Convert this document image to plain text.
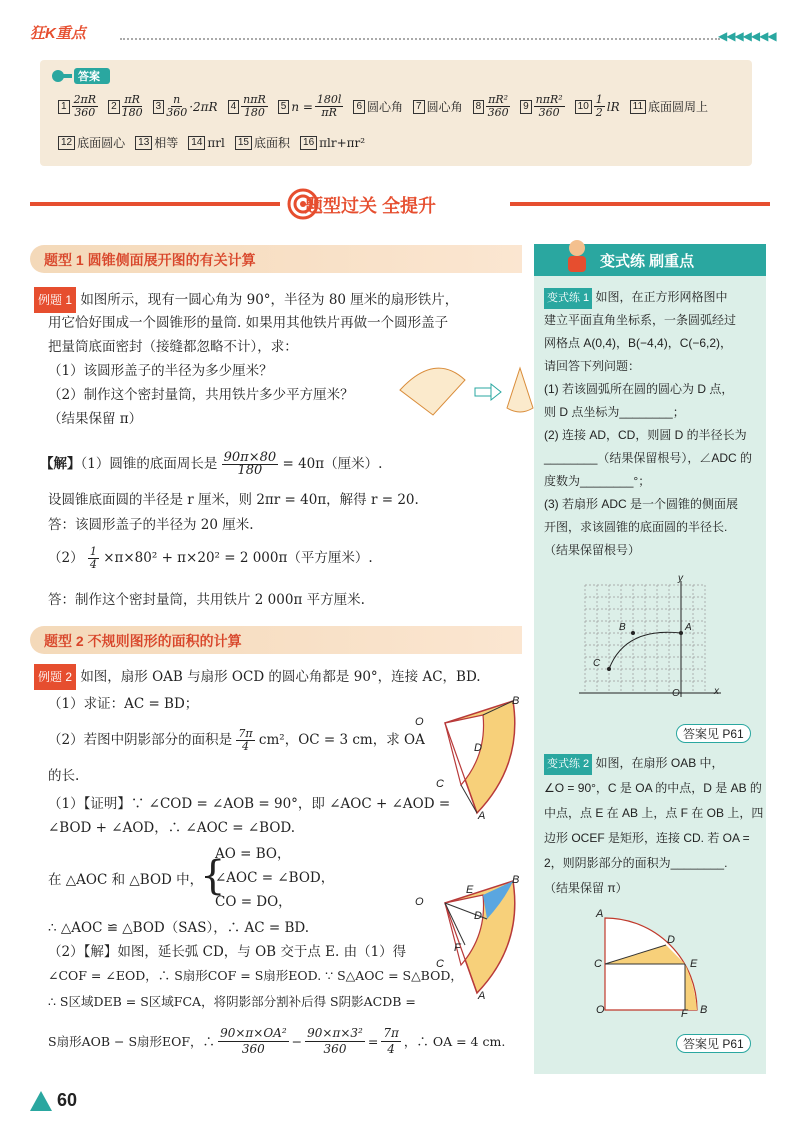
狂K重点	◀◀◀◀◀◀◀
答案
$1 \frac{2\pi R}{360}$	$2 \frac{\pi R}{180}$	$3 \frac{n}{360} \cdot 2\pi R$	$4 \frac{\text{nπR}}{180}$	5 $n = \frac{180l}{\pi R}$	6 圆心角	7 圆心角	$8 \frac{\text{πR²}}{360}$	$9 \frac{\text{nπR²}}{360}$	$10 \frac{1}{2}$ lR	11 底面圆周上
12 底面圆心	13 相等	14 πrl	15 底面积	16 πlr+πr²
题型过关 全提升
题型 1 圆锥侧面展开图的有关计算
例题 1 如图所示，现有一圆心角为 90°，半径为 80 厘米的扇形铁片，
用它恰好围成一个圆锥形的量筒. 如果用其他铁片再做一个圆形盖子
把量筒底面密封（接缝都忽略不计），求：
（1）该圆形盖子的半径为多少厘米？
（2）制作这个密封量筒，共用铁片多少平方厘米？
（结果保留 π）
【解】（1）圆锥的底面周长是 $\frac{90\pi\times 80}{180} = 40\pi$（厘米）.
设圆锥底面圆的半径是 r 厘米，则 2πr = 40π，解得 r = 20.
答：该圆形盖子的半径为 20 厘米.
$(2) \frac{1}{4} \times\pi\times 80^2 + \pi\times 20^2 = 2$ 000π（平方厘米）.
答：制作这个密封量筒，共用铁片 2 000π 平方厘米.
题型 2 不规则图形的面积的计算
例题 2 如图，扇形 OAB 与扇形 OCD 的圆心角都是 90°，连接 AC，BD.
（1）求证：AC = BD；
（2）若图中阴影部分的面积是 $\frac{7\pi}{4} cm^2$，OC = 3 cm，求 OA
的长.
O
B
D
C
A
（1）【证明】∵ ∠COD = ∠AOB = 90°，即 ∠AOC + ∠AOD =
∠BOD + ∠AOD，∴ ∠AOC = ∠BOD.
在 △AOC 和 △BOD 中，
{
AO = BO，
∠AOC = ∠BOD，
CO = DO，
∴ △AOC ≌ △BOD（SAS），∴ AC = BD.
（2）【解】如图，延长弧 CD，与 OB 交于点 E. 由（1）得
∠COF = ∠EOD，∴ S扇形COF = S扇形EOD. ∵ S△AOC = S△BOD，
∴ S区域DEB = S区域FCA，将阴影部分割补后得 S阴影ACDB =
S扇形AOB − S扇形EOF，∴ $\frac{\text{90×π×OA²}}{360} - \frac{\text{90×π×3²}}{360} = \frac{7\pi}{4}$ ，∴ OA = 4 cm.
O
B
E
D
F
C
A
变式练 刷重点
变式练 1 如图，在正方形网格图中
建立平面直角坐标系，一条圆弧经过
网格点 A(0,4)，B(−4,4)，C(−6,2)，
请回答下列问题：
(1) 若该圆弧所在圆的圆心为 D 点，
则 D 点坐标为________；
(2) 连接 AD，CD，则圆 D 的半径长为
________（结果保留根号），∠ADC 的
度数为________°；
(3) 若扇形 ADC 是一个圆锥的侧面展
开图，求该圆锥的底面圆的半径长.
（结果保留根号）
y
x
O
A
B
C
答案见 P61
变式练 2 如图，在扇形 OAB 中，
∠O = 90°，C 是 OA 的中点，D 是 AB 的
中点，点 E 在 AB 上，点 F 在 OB 上，四
边形 OCEF 是矩形，连接 CD. 若 OA =
2，则阴影部分的面积为________.
（结果保留 π）
A
D
C	E
O	F B
答案见 P61
60
